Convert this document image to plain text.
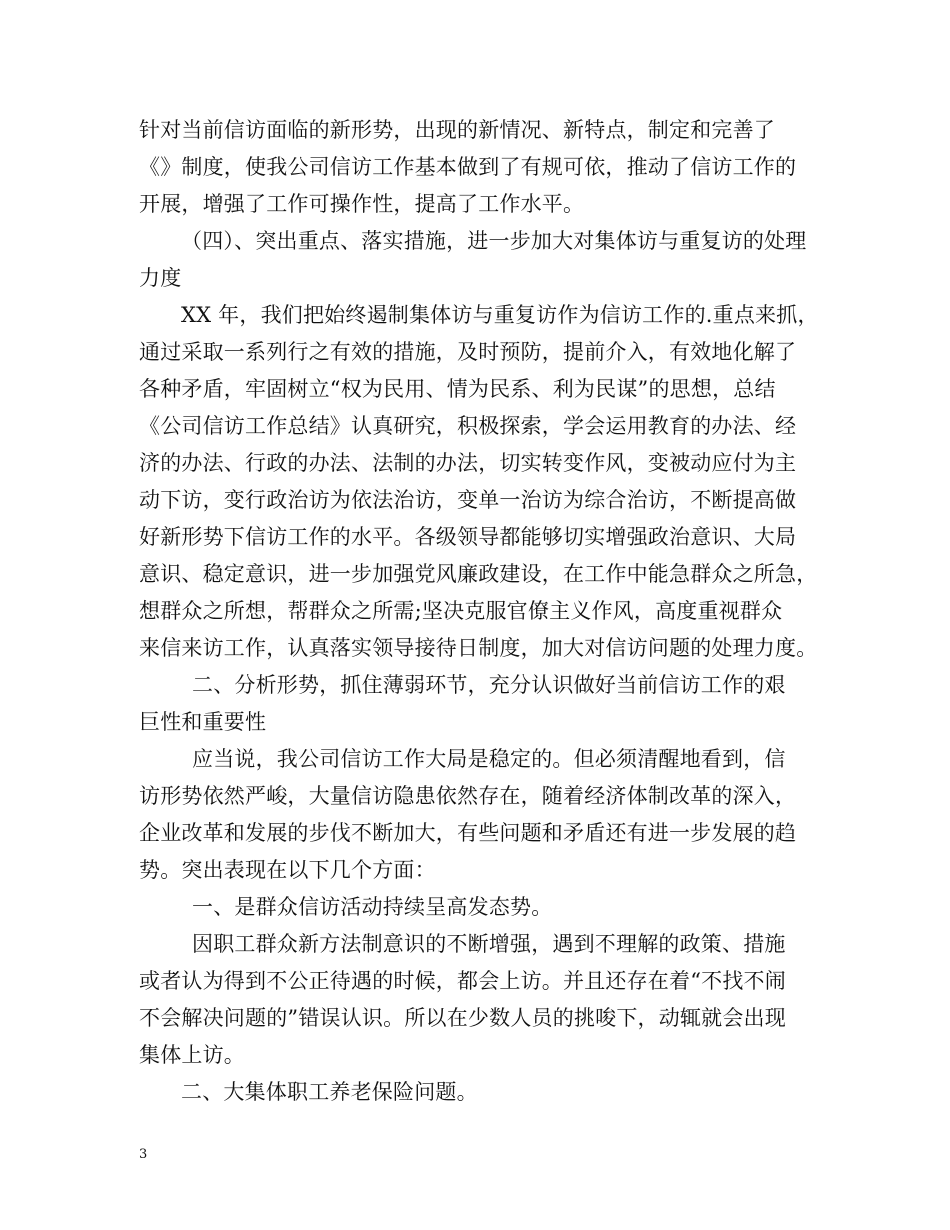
针对当前信访面临的新形势，出现的新情况、新特点，制定和完善了
《》制度，使我公司信访工作基本做到了有规可依，推动了信访工作的
开展，增强了工作可操作性，提高了工作水平。
（四）、突出重点、落实措施，进一步加大对集体访与重复访的处理
力度
XX 年，我们把始终遏制集体访与重复访作为信访工作的.重点来抓，
通过采取一系列行之有效的措施，及时预防，提前介入，有效地化解了
各种矛盾，牢固树立“权为民用、情为民系、利为民谋”的思想，总结
《公司信访工作总结》认真研究，积极探索，学会运用教育的办法、经
济的办法、行政的办法、法制的办法，切实转变作风，变被动应付为主
动下访，变行政治访为依法治访，变单一治访为综合治访，不断提高做
好新形势下信访工作的水平。各级领导都能够切实增强政治意识、大局
意识、稳定意识，进一步加强党风廉政建设，在工作中能急群众之所急，
想群众之所想，帮群众之所需;坚决克服官僚主义作风，高度重视群众
来信来访工作，认真落实领导接待日制度，加大对信访问题的处理力度。
二、分析形势，抓住薄弱环节，充分认识做好当前信访工作的艰
巨性和重要性
应当说，我公司信访工作大局是稳定的。但必须清醒地看到，信
访形势依然严峻，大量信访隐患依然存在，随着经济体制改革的深入，
企业改革和发展的步伐不断加大，有些问题和矛盾还有进一步发展的趋
势。突出表现在以下几个方面：
一、是群众信访活动持续呈高发态势。
因职工群众新方法制意识的不断增强，遇到不理解的政策、措施
或者认为得到不公正待遇的时候，都会上访。并且还存在着“不找不闹
不会解决问题的”错误认识。所以在少数人员的挑唆下，动辄就会出现
集体上访。
二、大集体职工养老保险问题。
3
